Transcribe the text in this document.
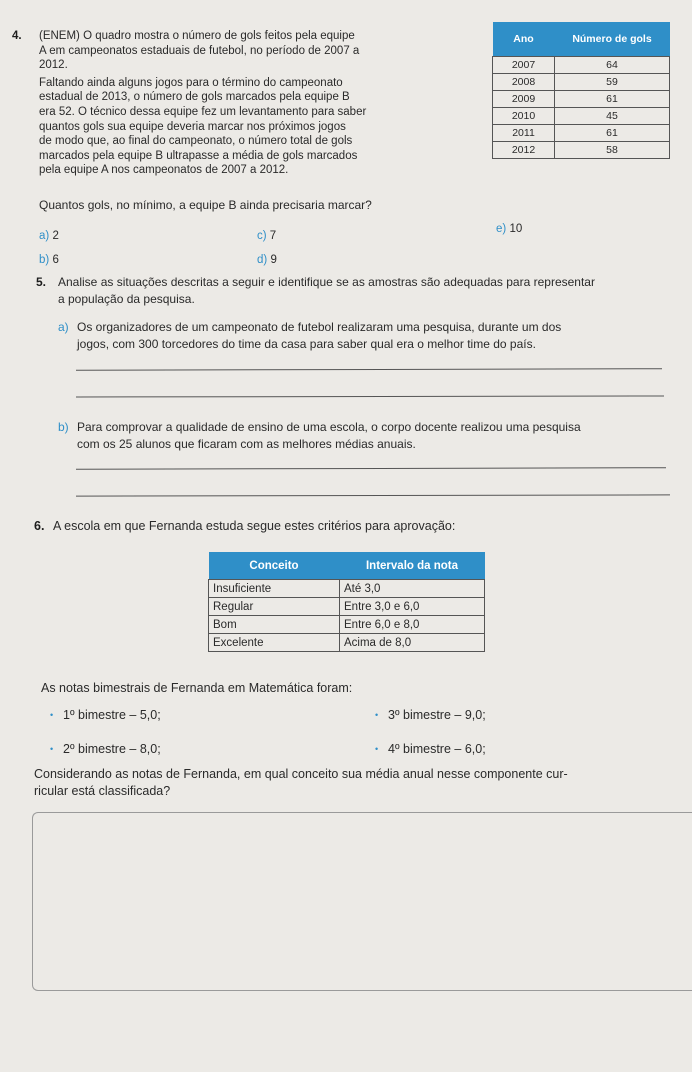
4. (ENEM) O quadro mostra o número de gols feitos pela equipe
A em campeonatos estaduais de futebol, no período de 2007 a
2012.
Faltando ainda alguns jogos para o término do campeonato
estadual de 2013, o número de gols marcados pela equipe B
era 52. O técnico dessa equipe fez um levantamento para saber
quantos gols sua equipe deveria marcar nos próximos jogos
de modo que, ao final do campeonato, o número total de gols
marcados pela equipe B ultrapasse a média de gols marcados
pela equipe A nos campeonatos de 2007 a 2012.
Quantos gols, no mínimo, a equipe B ainda precisaria marcar?
Ano	Número de gols
2007	64
2008	59
2009	61
2010	45
2011	61
2012	58
a) 2
b) 6
c) 7
d) 9
e) 10
5. Analise as situações descritas a seguir e identifique se as amostras são adequadas para representar
a população da pesquisa.
a) Os organizadores de um campeonato de futebol realizaram uma pesquisa, durante um dos
jogos, com 300 torcedores do time da casa para saber qual era o melhor time do país.
b) Para comprovar a qualidade de ensino de uma escola, o corpo docente realizou uma pesquisa
com os 25 alunos que ficaram com as melhores médias anuais.
6. A escola em que Fernanda estuda segue estes critérios para aprovação:
Conceito	Intervalo da nota
Insuficiente	Até 3,0
Regular	Entre 3,0 e 6,0
Bom	Entre 6,0 e 8,0
Excelente	Acima de 8,0
As notas bimestrais de Fernanda em Matemática foram:
• 1º bimestre – 5,0;
• 2º bimestre – 8,0;
• 3º bimestre – 9,0;
• 4º bimestre – 6,0;
Considerando as notas de Fernanda, em qual conceito sua média anual nesse componente cur-
ricular está classificada?
